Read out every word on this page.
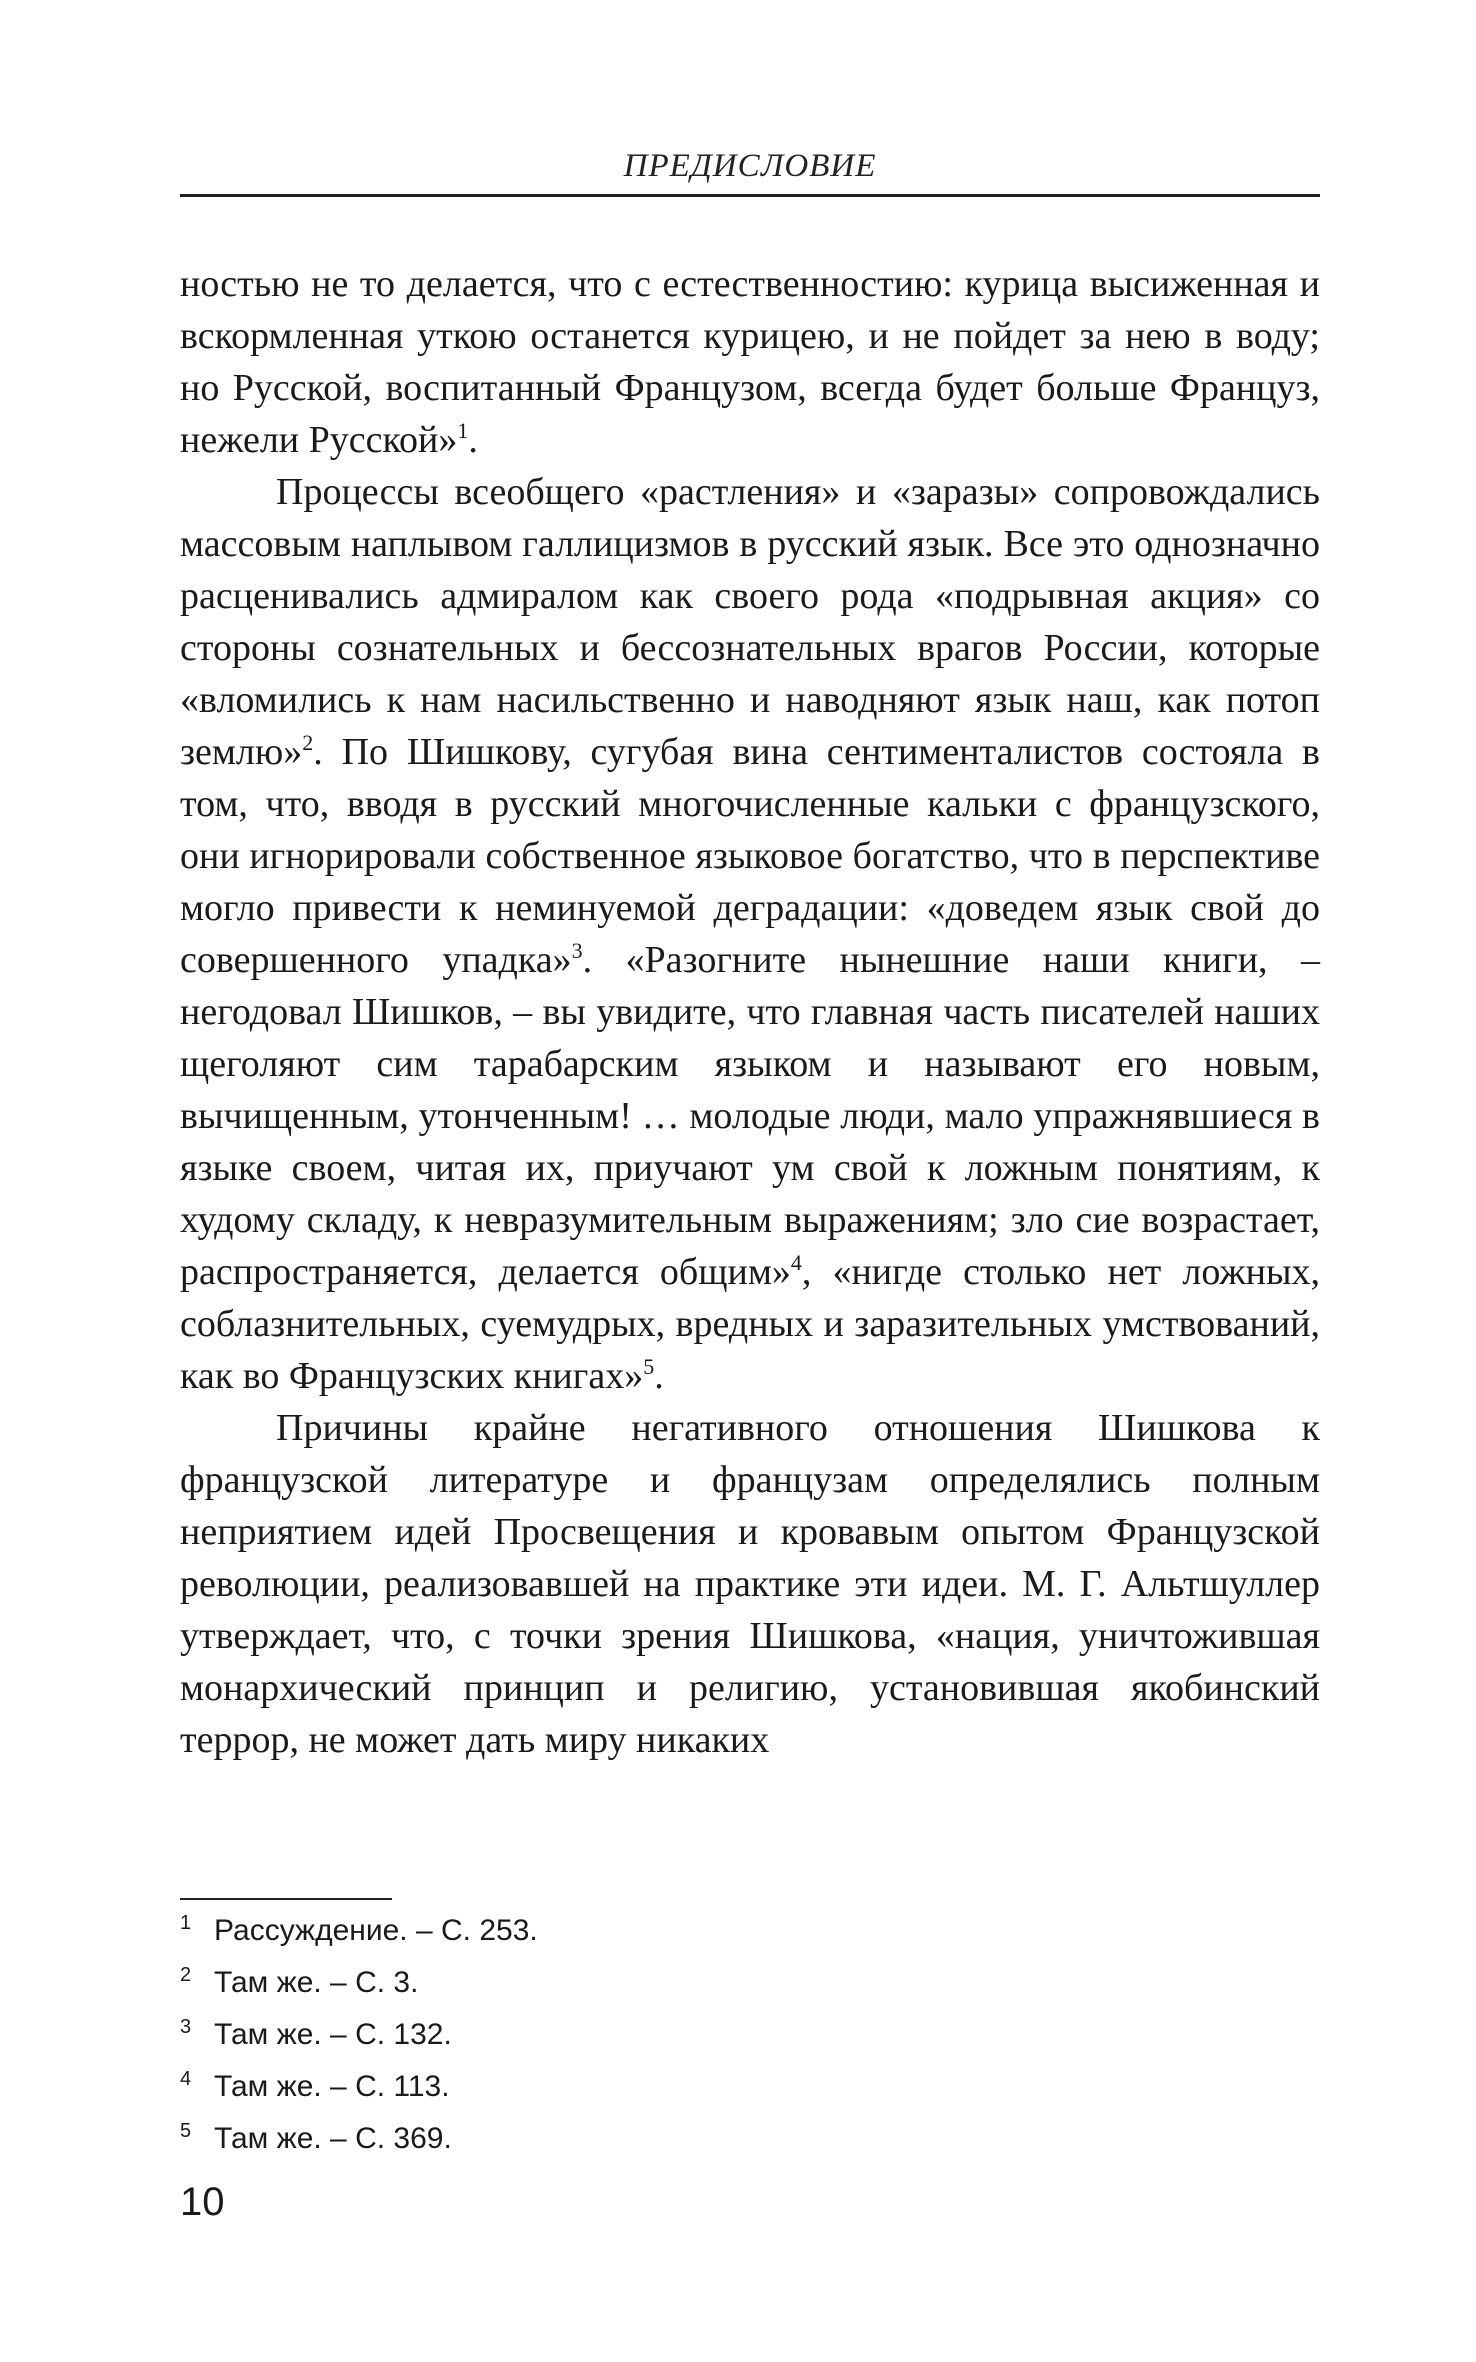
ПРЕДИСЛОВИЕ

ностью не то делается, что с естественностию: курица высиженная и вскормленная уткою останется курицею, и не пойдет за нею в воду; но Русской, воспитанный Французом, всегда будет больше Француз, нежели Русской»$^1$.

Процессы всеобщего «растления» и «заразы» сопровождались массовым наплывом галлицизмов в русский язык. Все это однозначно расценивались адмиралом как своего рода «подрывная акция» со стороны сознательных и бессознательных врагов России, которые «вломились к нам насильственно и наводняют язык наш, как потоп землю»$^2$. По Шишкову, сугубая вина сентименталистов состояла в том, что, вводя в русский многочисленные кальки с французского, они игнорировали собственное языковое богатство, что в перспективе могло привести к неминуемой деградации: «доведем язык свой до совершенного упадка»$^3$. «Разогните нынешние наши книги, – негодовал Шишков, – вы увидите, что главная часть писателей наших щеголяют сим тарабарским языком и называют его новым, вычищенным, утонченным! … молодые люди, мало упражнявшиеся в языке своем, читая их, приучают ум свой к ложным понятиям, к худому складу, к невразумительным выражениям; зло сие возрастает, распространяется, делается общим»$^4$, «нигде столько нет ложных, соблазнительных, суемудрых, вредных и заразительных умствований, как во Французских книгах»$^5$.

Причины крайне негативного отношения Шишкова к французской литературе и французам определялись полным неприятием идей Просвещения и кровавым опытом Французской революции, реализовавшей на практике эти идеи. М. Г. Альтшуллер утверждает, что, с точки зрения Шишкова, «нация, уничтожившая монархический принцип и религию, установившая якобинский террор, не может дать миру никаких

1 Рассуждение. – С. 253.
2 Там же. – С. 3.
3 Там же. – С. 132.
4 Там же. – С. 113.
5 Там же. – С. 369.
10
